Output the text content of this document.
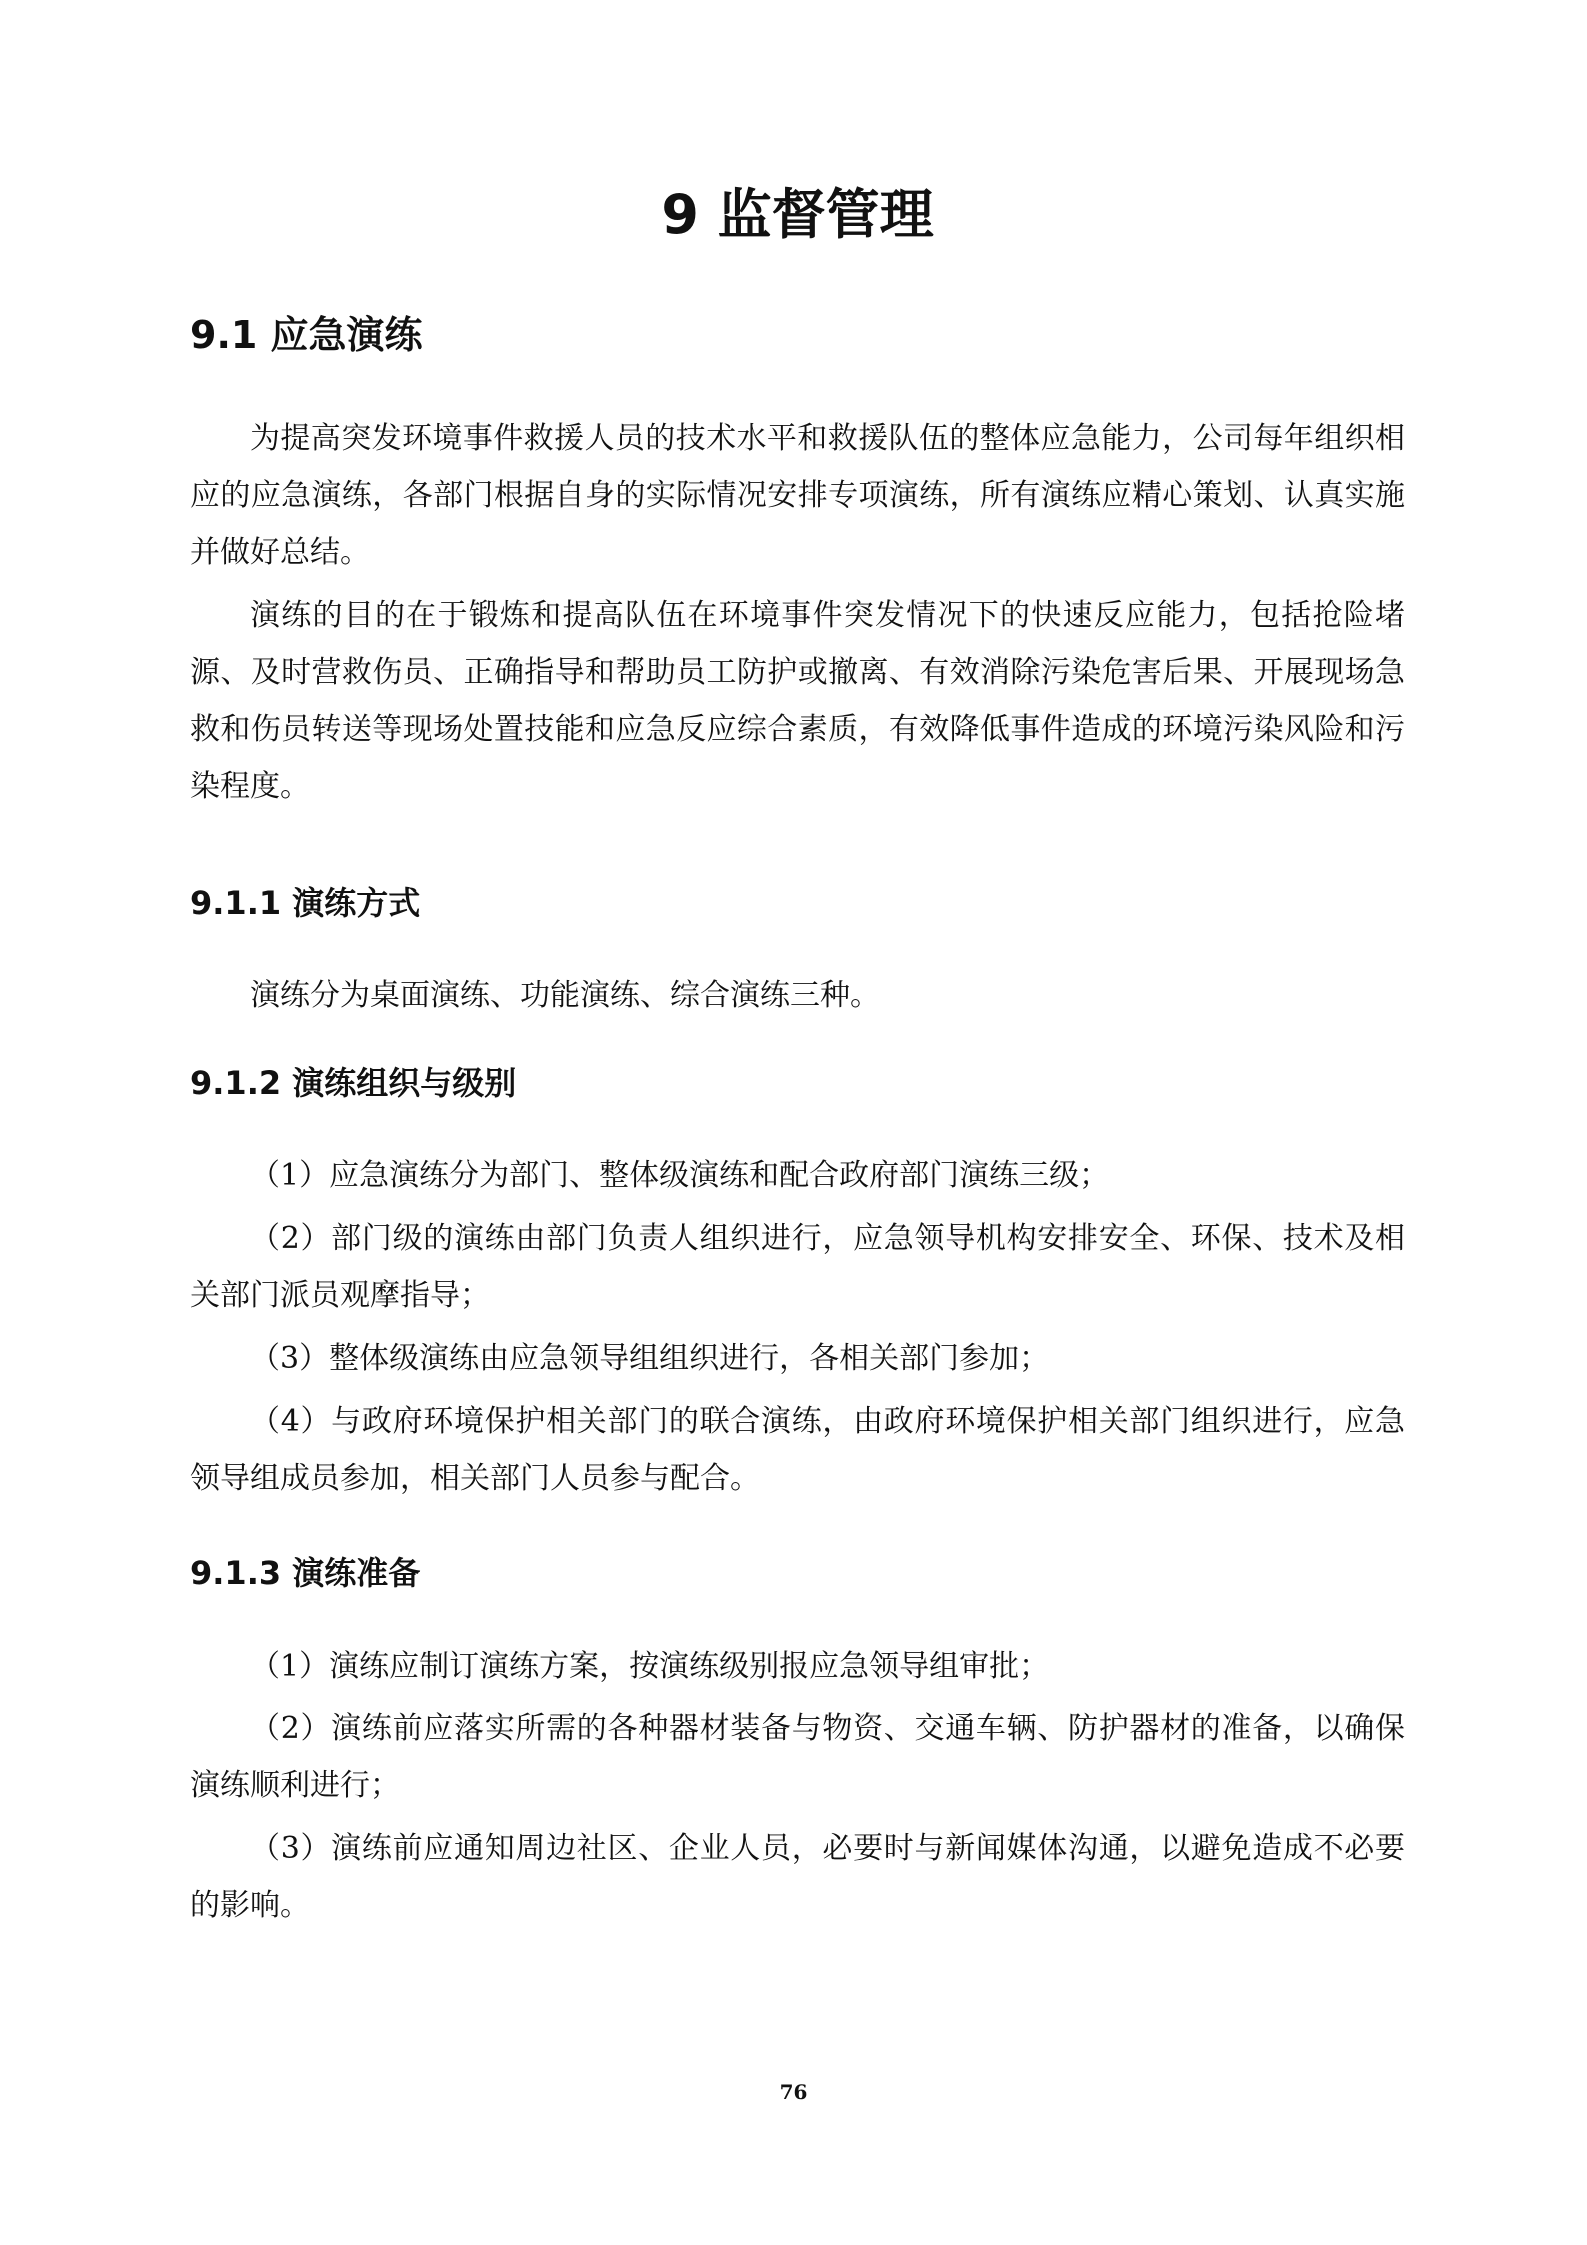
9 监督管理
9.1 应急演练

为提高突发环境事件救援人员的技术水平和救援队伍的整体应急能力，公司每年组织相应的应急演练，各部门根据自身的实际情况安排专项演练，所有演练应精心策划、认真实施并做好总结。

演练的目的在于锻炼和提高队伍在环境事件突发情况下的快速反应能力，包括抢险堵源、及时营救伤员、正确指导和帮助员工防护或撤离、有效消除污染危害后果、开展现场急救和伤员转送等现场处置技能和应急反应综合素质，有效降低事件造成的环境污染风险和污染程度。

9.1.1 演练方式

演练分为桌面演练、功能演练、综合演练三种。

9.1.2 演练组织与级别

（1）应急演练分为部门、整体级演练和配合政府部门演练三级；

（2）部门级的演练由部门负责人组织进行，应急领导机构安排安全、环保、技术及相关部门派员观摩指导；

（3）整体级演练由应急领导组组织进行，各相关部门参加；

（4）与政府环境保护相关部门的联合演练，由政府环境保护相关部门组织进行，应急领导组成员参加，相关部门人员参与配合。

9.1.3 演练准备

（1）演练应制订演练方案，按演练级别报应急领导组审批；

（2）演练前应落实所需的各种器材装备与物资、交通车辆、防护器材的准备，以确保演练顺利进行；

（3）演练前应通知周边社区、企业人员，必要时与新闻媒体沟通，以避免造成不必要的影响。

76
